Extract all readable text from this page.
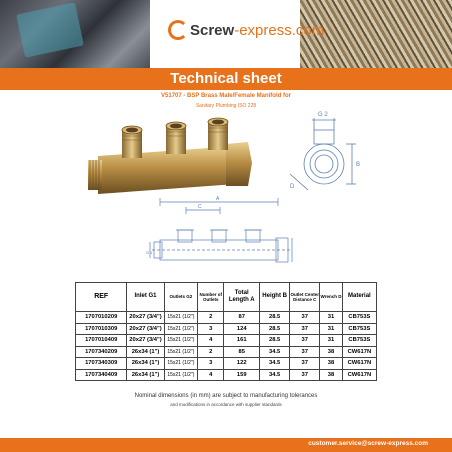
Screw-express.com
Technical sheet
V51707 - BSP Brass Male/Female Manifold for
Sanitary Plumbing ISO 228
G 2
B
D
C
A
G 1
REF	Inlet G1	Outlets G2	Number of Outlets	Total Length A	Height B	Outlet Center Distance C	Wrench D	Material
1707010209	20x27 (3/4")	15x21 (1/2")	2	87	28.5	37	31	CB753S
1707010309	20x27 (3/4")	15x21 (1/2")	3	124	28.5	37	31	CB753S
1707010409	20x27 (3/4")	15x21 (1/2")	4	161	28.5	37	31	CB753S
1707340209	26x34 (1")	15x21 (1/2")	2	85	34.5	37	38	CW617N
1707340309	26x34 (1")	15x21 (1/2")	3	122	34.5	37	38	CW617N
1707340409	26x34 (1")	15x21 (1/2")	4	159	34.5	37	38	CW617N
Nominal dimensions (in mm) are subject to manufacturing tolerances
and modifications in accordance with supplier standards
customer.service@screw-express.com
